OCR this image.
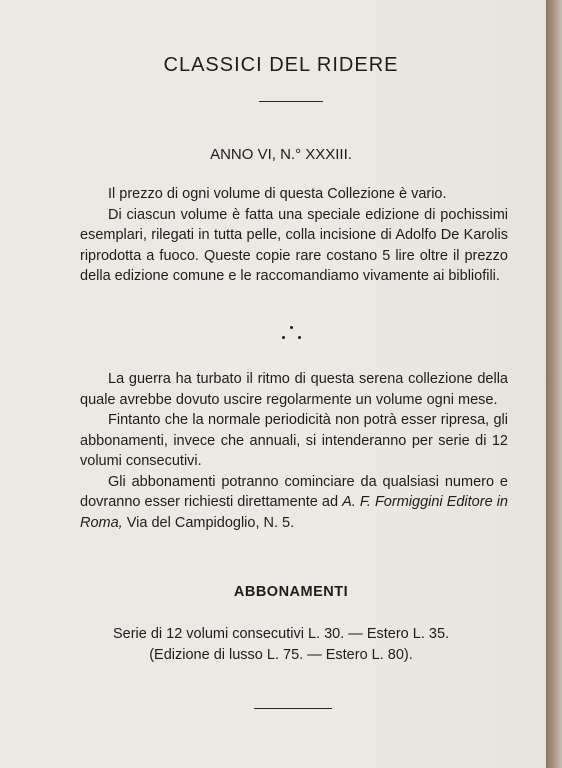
CLASSICI DEL RIDERE
ANNO VI, N.° XXXIII.

Il prezzo di ogni volume di questa Collezione è vario.

Di ciascun volume è fatta una speciale edizione di pochissimi esemplari, rilegati in tutta pelle, colla incisione di Adolfo De Karolis riprodotta a fuoco. Queste copie rare costano 5 lire oltre il prezzo della edizione comune e le raccomandiamo vivamente ai bibliofili.

La guerra ha turbato il ritmo di questa serena collezione della quale avrebbe dovuto uscire regolarmente un volume ogni mese.

Fintanto che la normale periodicità non potrà esser ripresa, gli abbonamenti, invece che annuali, si intenderanno per serie di 12 volumi consecutivi.

Gli abbonamenti potranno cominciare da qualsiasi numero e dovranno esser richiesti direttamente ad A. F. Formiggini Editore in Roma, Via del Campidoglio, N. 5.

ABBONAMENTI
Serie di 12 volumi consecutivi L. 30. — Estero L. 35.
(Edizione di lusso L. 75. — Estero L. 80).
